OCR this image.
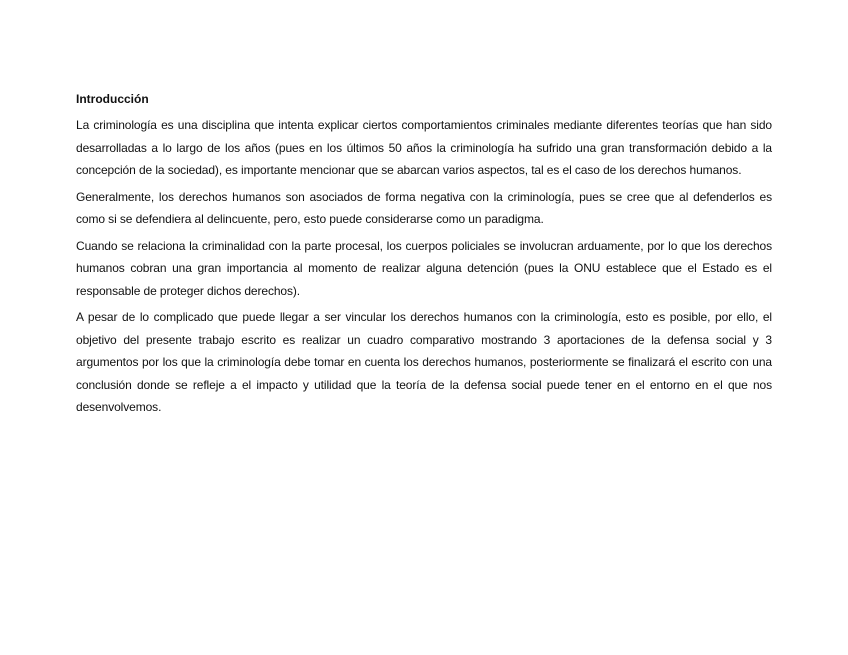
Introducción

La criminología es una disciplina que intenta explicar ciertos comportamientos criminales mediante diferentes teorías que han sido desarrolladas a lo largo de los años (pues en los últimos 50 años la criminología ha sufrido una gran transformación debido a la concepción de la sociedad), es importante mencionar que se abarcan varios aspectos, tal es el caso de los derechos humanos.

Generalmente, los derechos humanos son asociados de forma negativa con la criminología, pues se cree que al defenderlos es como si se defendiera al delincuente, pero, esto puede considerarse como un paradigma.

Cuando se relaciona la criminalidad con la parte procesal, los cuerpos policiales se involucran arduamente, por lo que los derechos humanos cobran una gran importancia al momento de realizar alguna detención (pues la ONU establece que el Estado es el responsable de proteger dichos derechos).

A pesar de lo complicado que puede llegar a ser vincular los derechos humanos con la criminología, esto es posible, por ello, el objetivo del presente trabajo escrito es realizar un cuadro comparativo mostrando 3 aportaciones de la defensa social y 3 argumentos por los que la criminología debe tomar en cuenta los derechos humanos, posteriormente se finalizará el escrito con una conclusión donde se refleje a el impacto y utilidad que la teoría de la defensa social puede tener en el entorno en el que nos desenvolvemos.
